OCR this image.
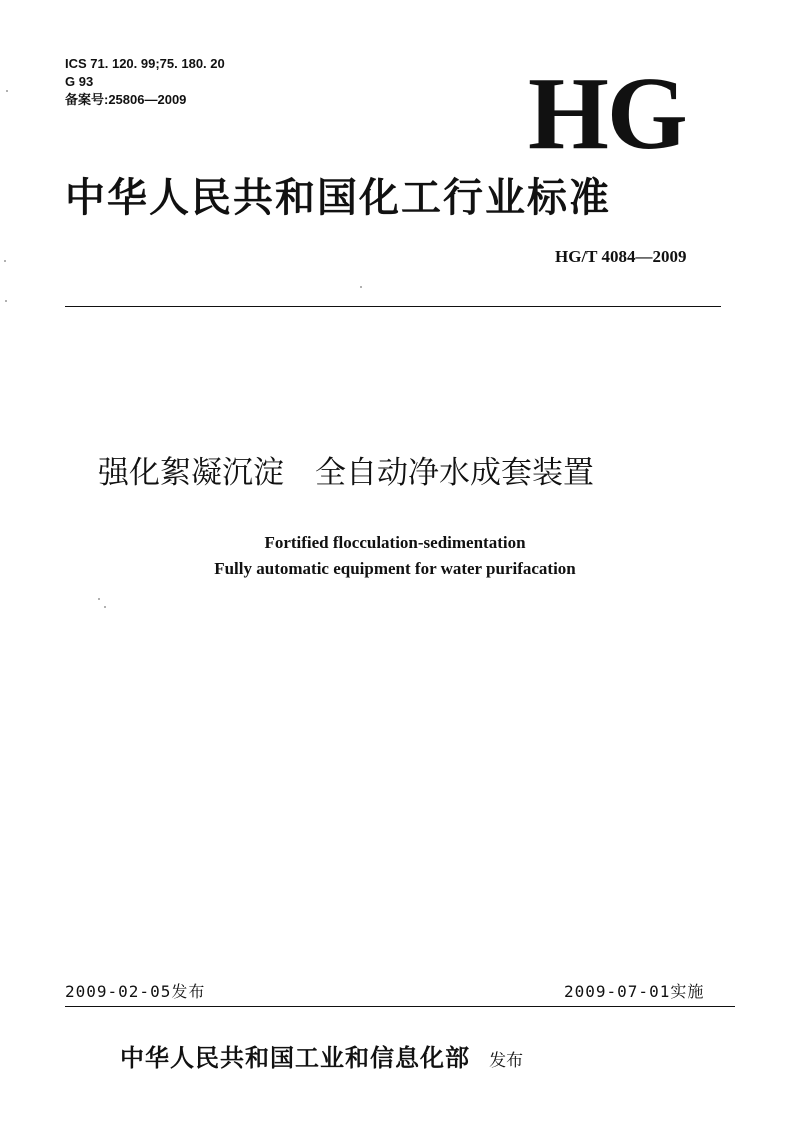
ICS 71. 120. 99;75. 180. 20
G 93
备案号:25806—2009	HG
中华人民共和国化工行业标准
HG/T 4084—2009
强化絮凝沉淀　全自动净水成套装置
Fortified flocculation-sedimentation
Fully automatic equipment for water purifacation
2009-02-05发布	2009-07-01实施
中华人民共和国工业和信息化部 发布
